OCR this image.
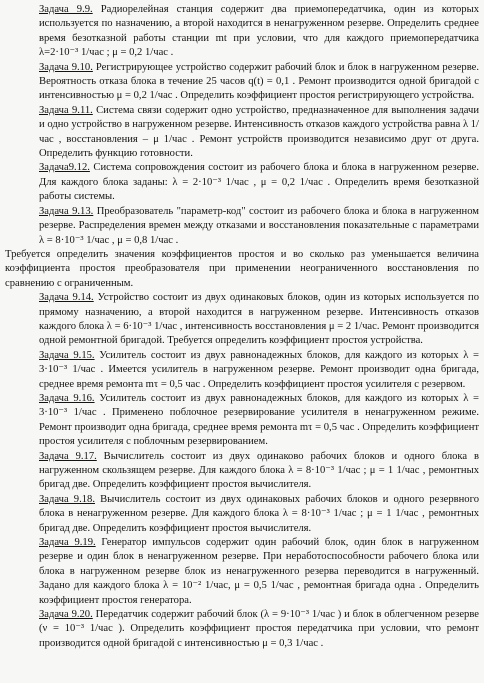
Задача 9.9. Радиорелейная станция содержит два приемопередатчика, один из которых используется по назначению, а второй находится в ненагруженном резерве. Определить среднее время безотказной работы станции mt при условии, что для каждого приемопередатчика λ=2·10⁻³ 1/час ; μ = 0,2 1/час .

Задача 9.10. Регистрирующее устройство содержит рабочий блок и блок в нагруженном резерве. Вероятность отказа блока в течение 25 часов q(t) = 0,1 . Ремонт производится одной бригадой с интенсивностью μ = 0,2 1/час . Определить коэффициент простоя регистрирующего устройства.

Задача 9.11. Система связи содержит одно устройство, предназначенное для выполнения задачи и одно устройство в нагруженном резерве. Интенсивность отказов каждого устройства равна λ 1/час , восстановления – μ 1/час . Ремонт устройств производится независимо друг от друга. Определить функцию готовности.

Задача9.12. Система сопровождения состоит из рабочего блока и блока в нагруженном резерве. Для каждого блока заданы: λ = 2·10⁻³ 1/час , μ = 0,2 1/час . Определить время безотказной работы системы.

Задача 9.13. Преобразователь "параметр-код" состоит из рабочего блока и блока в нагруженном резерве. Распределения времен между отказами и восстановления показательные с параметрами λ = 8·10⁻³ 1/час , μ = 0,8 1/час .

Требуется определить значения коэффициентов простоя и во сколько раз уменьшается величина коэффициента простоя преобразователя при применении неограниченного восстановления по сравнению с ограниченным.

Задача 9.14. Устройство состоит из двух одинаковых блоков, один из которых используется по прямому назначению, а второй находится в нагруженном резерве. Интенсивность отказов каждого блока λ = 6·10⁻³ 1/час , интенсивность восстановления μ = 2 1/час. Ремонт производится одной ремонтной бригадой. Требуется определить коэффициент простоя устройства.

Задача 9.15. Усилитель состоит из двух равнонадежных блоков, для каждого из которых λ = 3·10⁻³ 1/час . Имеется усилитель в нагруженном резерве. Ремонт производит одна бригада, среднее время ремонта mτ = 0,5 час . Определить коэффициент простоя усилителя с резервом.

Задача 9.16. Усилитель состоит из двух равнонадежных блоков, для каждого из которых λ = 3·10⁻³ 1/час . Применено поблочное резервирование усилителя в ненагруженном режиме. Ремонт производит одна бригада, среднее время ремонта mτ = 0,5 час . Определить коэффициент простоя усилителя с поблочным резервированием.

Задача 9.17. Вычислитель состоит из двух одинаково рабочих блоков и одного блока в нагруженном скользящем резерве. Для каждого блока λ = 8·10⁻³ 1/час ; μ = 1 1/час , ремонтных бригад две. Определить коэффициент простоя вычислителя.

Задача 9.18. Вычислитель состоит из двух одинаковых рабочих блоков и одного резервного блока в ненагруженном резерве. Для каждого блока λ = 8·10⁻³ 1/час ; μ = 1 1/час , ремонтных бригад две. Определить коэффициент простоя вычислителя.

Задача 9.19. Генератор импульсов содержит один рабочий блок, один блок в нагруженном резерве и один блок в ненагруженном резерве. При неработоспособности рабочего блока или блока в нагруженном резерве блок из ненагруженного резерва переводится в нагруженный. Задано для каждого блока λ = 10⁻² 1/час, μ = 0,5 1/час , ремонтная бригада одна . Определить коэффициент простоя генератора.

Задача 9.20. Передатчик содержит рабочий блок (λ = 9·10⁻³ 1/час ) и блок в облегченном резерве (ν = 10⁻³ 1/час ). Определить коэффициент простоя передатчика при условии, что ремонт производится одной бригадой с интенсивностью μ = 0,3 1/час .
